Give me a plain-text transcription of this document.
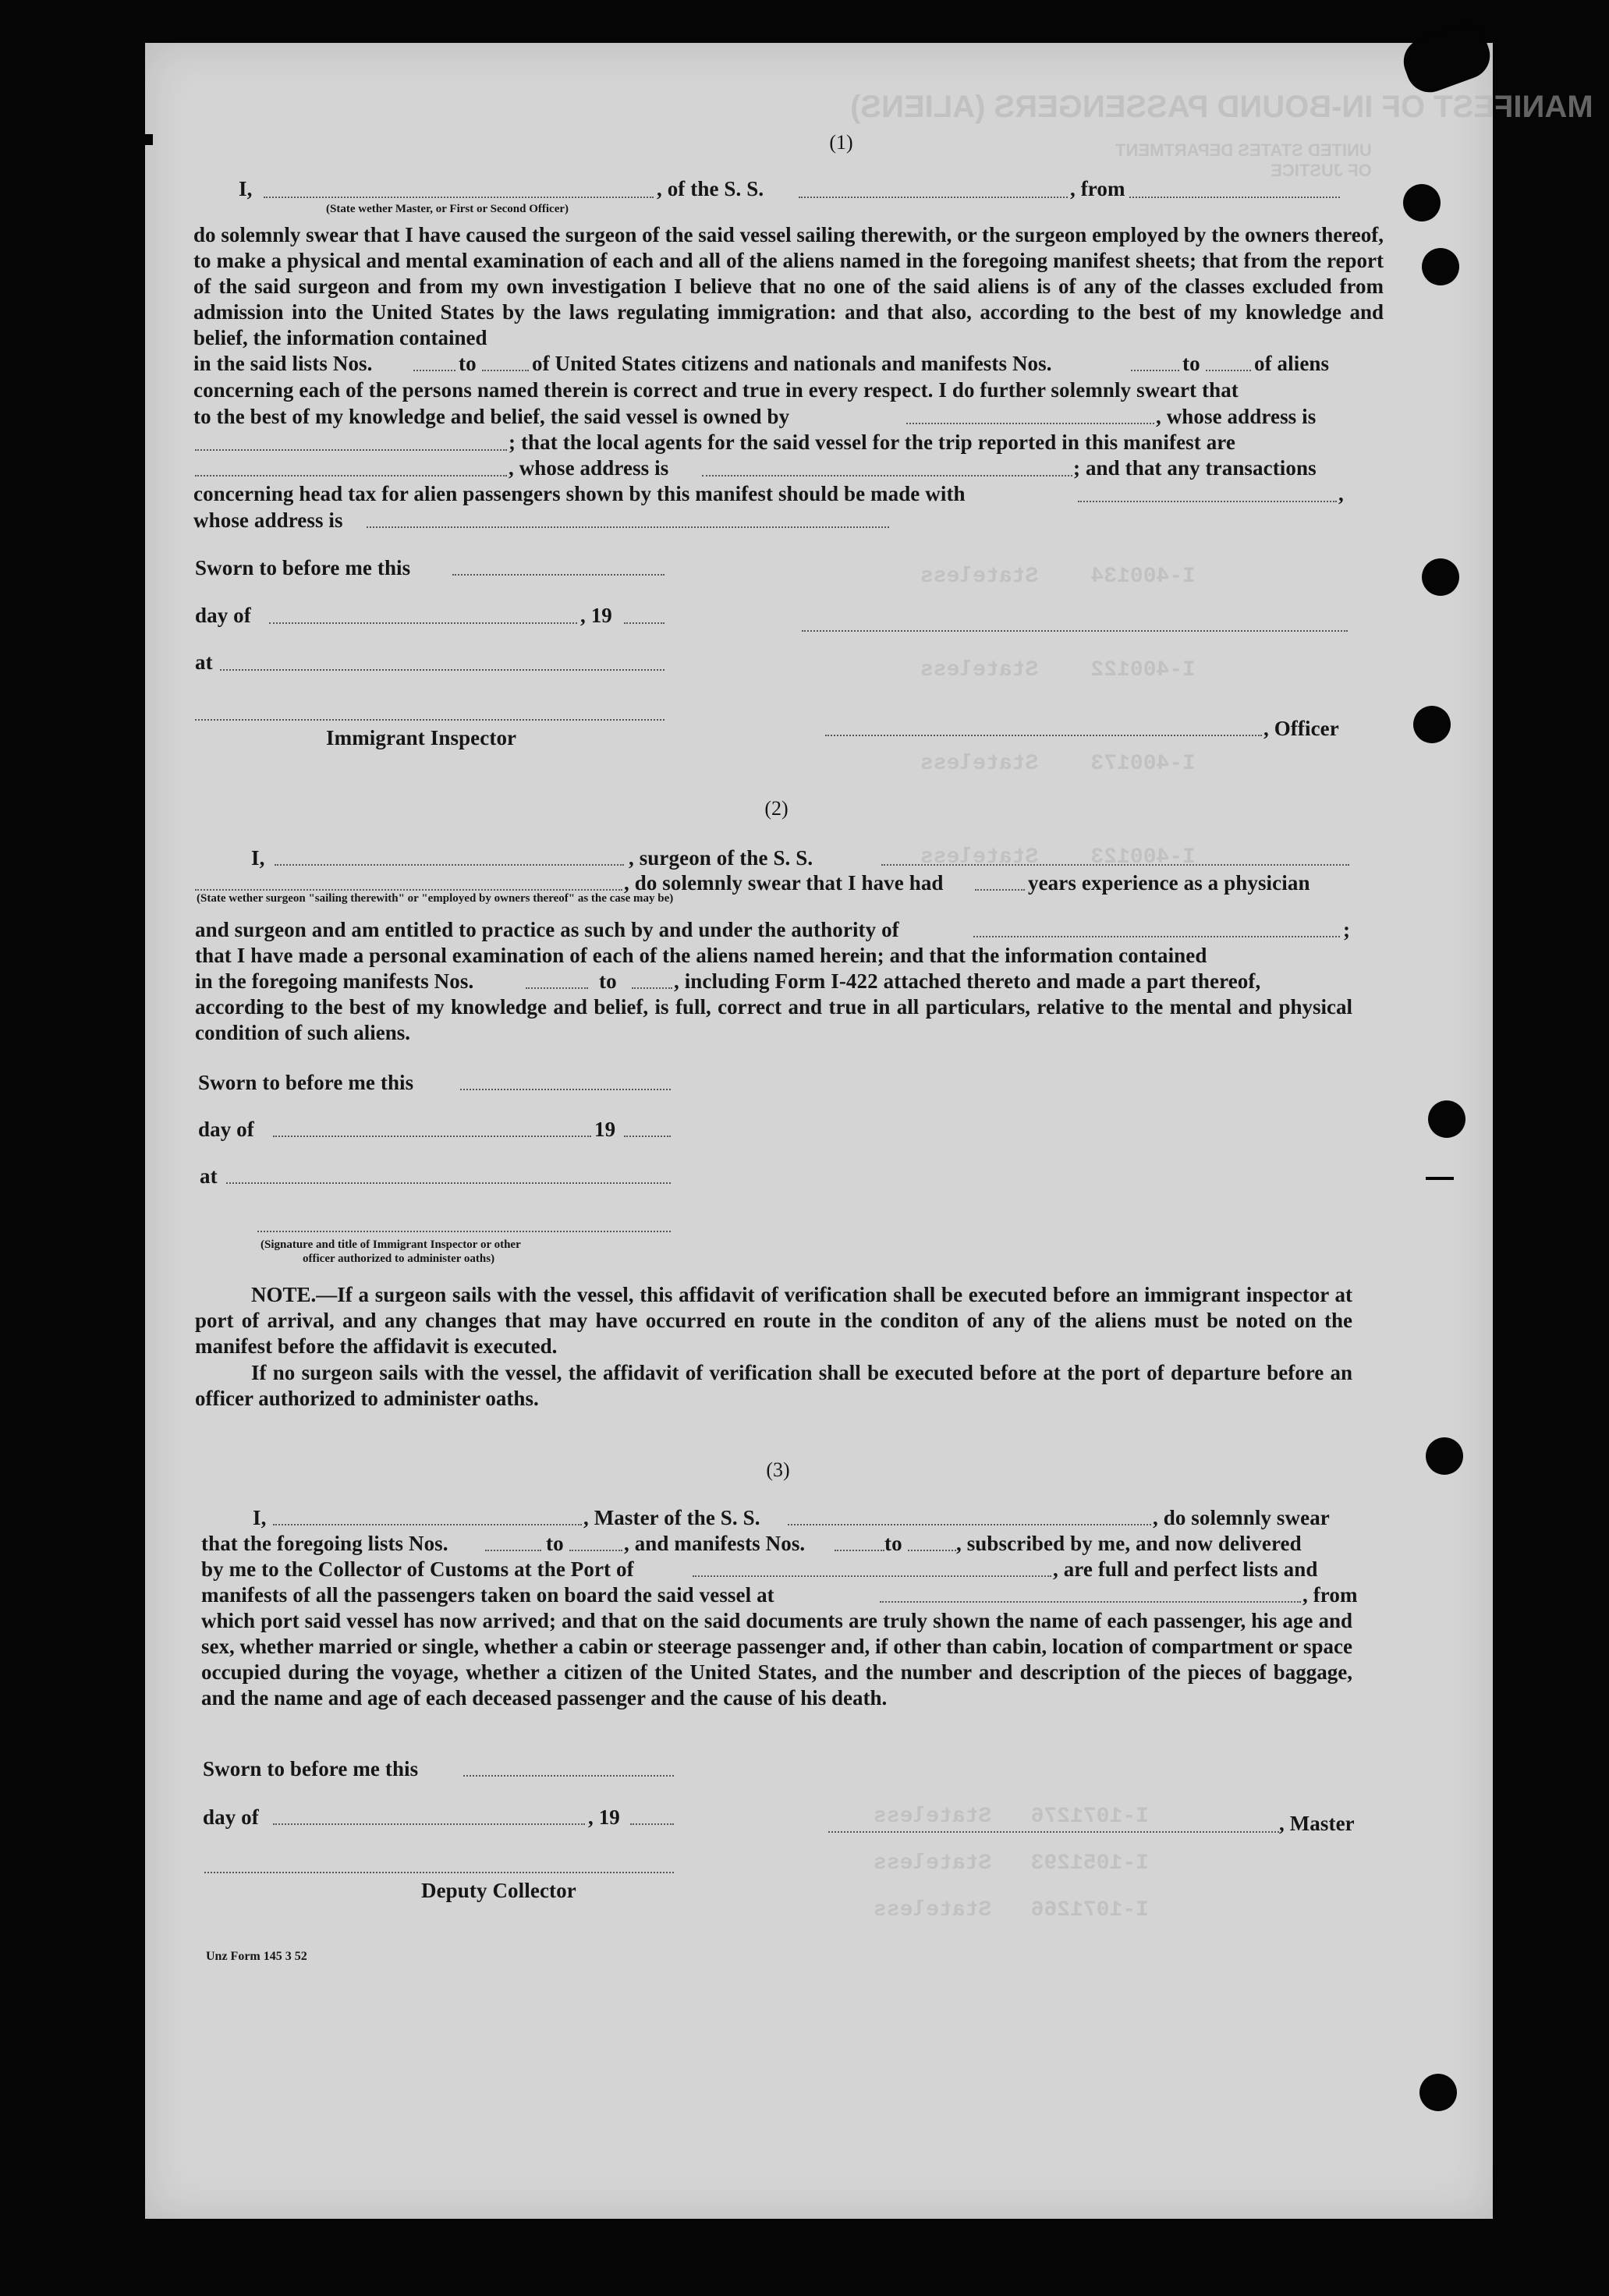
MANIFEST OF IN-BOUND PASSENGERS (ALIENS)
UNITED STATES DEPARTMENT
OF JUSTICE
I-400134    Stateless
I-400122    Stateless
I-400173    Stateless
I-400123    Stateless
I-1071276   Stateless
I-1051293   Stateless
I-1071266   Stateless
(1)
I,	, of the S. S.	, from
(State wether Master, or First or Second Officer)

do solemnly swear that I have caused the surgeon of the said vessel sailing therewith, or the surgeon employed by the owners thereof, to make a physical and mental examination of each and all of the aliens named in the foregoing manifest sheets; that from the report of the said surgeon and from my own investigation I believe that no one of the said aliens is of any of the classes excluded from admission into the United States by the laws regulating immigration: and that also, according to the best of my knowledge and belief, the information contained

in the said lists Nos.	to	of United States citizens and nationals and manifests Nos.	to	of aliens
concerning each of the persons named therein is correct and true in every respect. I do further solemnly sweart that
to the best of my knowledge and belief, the said vessel is owned by	, whose address is
; that the local agents for the said vessel for the trip reported in this manifest are
, whose address is	; and that any transactions
concerning head tax for alien passengers shown by this manifest should be made with	,
whose address is
Sworn to before me this
day of	, 19
at
Immigrant Inspector	, Officer
(2)
I,	, surgeon of the S. S.
, do solemnly swear that I have had	years experience as a physician
(State wether surgeon "sailing therewith" or "employed by owners thereof" as the case may be)
and surgeon and am entitled to practice as such by and under the authority of	;
that I have made a personal examination of each of the aliens named herein; and that the information contained
in the foregoing manifests Nos.	to	, including Form I-422 attached thereto and made a part thereof,

according to the best of my knowledge and belief, is full, correct and true in all particulars, relative to the mental and physical condition of such aliens.

Sworn to before me this
day of	19
at
(Signature and title of Immigrant Inspector or other
officer authorized to administer oaths)

NOTE.—If a surgeon sails with the vessel, this affidavit of verification shall be executed before an immigrant inspector at port of arrival, and any changes that may have occurred en route in the conditon of any of the aliens must be noted on the manifest before the affidavit is executed.

If no surgeon sails with the vessel, the affidavit of verification shall be executed before at the port of departure before an officer authorized to administer oaths.

(3)
I,	, Master of the S. S.	, do solemnly swear
that the foregoing lists Nos.	to	, and manifests Nos.	to	, subscribed by me, and now delivered
by me to the Collector of Customs at the Port of	, are full and perfect lists and
manifests of all the passengers taken on board the said vessel at	, from

which port said vessel has now arrived; and that on the said documents are truly shown the name of each passenger, his age and sex, whether married or single, whether a cabin or steerage passenger and, if other than cabin, location of compartment or space occupied during the voyage, whether a citizen of the United States, and the number and description of the pieces of baggage, and the name and age of each deceased passenger and the cause of his death.

Sworn to before me this
day of	, 19	, Master
Deputy Collector
Unz Form 145 3 52
